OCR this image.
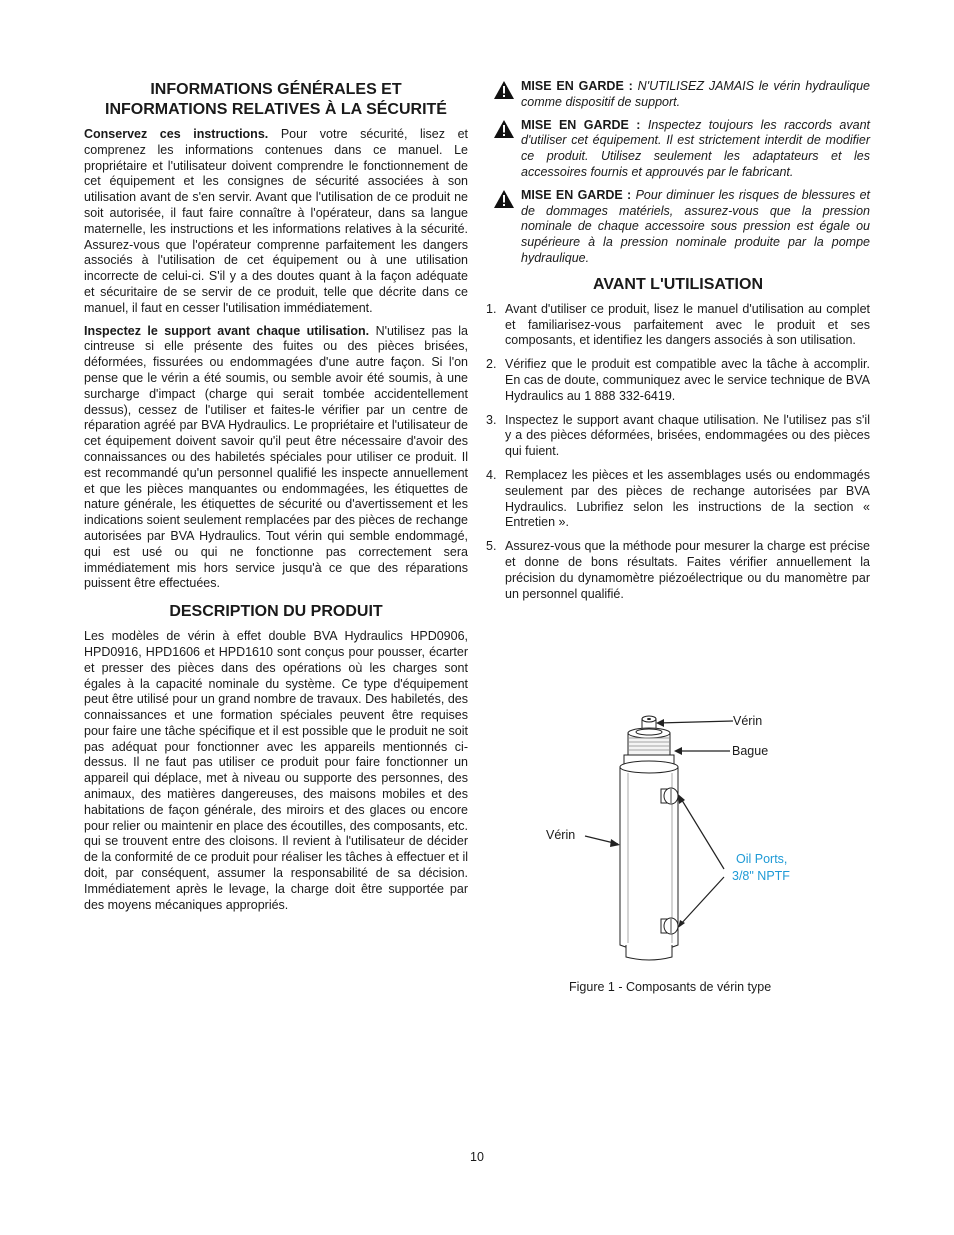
INFORMATIONS GÉNÉRALES ET
INFORMATIONS RELATIVES À LA SÉCURITÉ

Conservez ces instructions. Pour votre sécurité, lisez et comprenez les informations contenues dans ce manuel. Le propriétaire et l'utilisateur doivent comprendre le fonctionnement de cet équipement et les consignes de sécurité associées à son utilisation avant de s'en servir. Avant que l'utilisation de ce produit ne soit autorisée, il faut faire connaître à l'opérateur, dans sa langue maternelle, les instructions et les informations relatives à la sécurité. Assurez-vous que l'opérateur comprenne parfaitement les dangers associés à l'utilisation de cet équipement ou à une utilisation incorrecte de celui-ci. S'il y a des doutes quant à la façon adéquate et sécuritaire de se servir de ce produit, telle que décrite dans ce manuel, il faut en cesser l'utilisation immédiatement.

Inspectez le support avant chaque utilisation. N'utilisez pas la cintreuse si elle présente des fuites ou des pièces brisées, déformées, fissurées ou endommagées d'une autre façon. Si l'on pense que le vérin a été soumis, ou semble avoir été soumis, à une surcharge d'impact (charge qui serait tombée accidentellement dessus), cessez de l'utiliser et faites-le vérifier par un centre de réparation agréé par BVA Hydraulics. Le propriétaire et l'utilisateur de cet équipement doivent savoir qu'il peut être nécessaire d'avoir des connaissances ou des habiletés spéciales pour utiliser ce produit. Il est recommandé qu'un personnel qualifié les inspecte annuellement et que les pièces manquantes ou endommagées, les étiquettes de nature générale, les étiquettes de sécurité ou d'avertissement et les indications soient seulement remplacées par des pièces de rechange autorisées par BVA Hydraulics. Tout vérin qui semble endommagé, qui est usé ou qui ne fonctionne pas correctement sera immédiatement mis hors service jusqu'à ce que des réparations puissent être effectuées.

DESCRIPTION DU PRODUIT

Les modèles de vérin à effet double BVA Hydraulics HPD0906, HPD0916, HPD1606 et HPD1610 sont conçus pour pousser, écarter et presser des pièces dans des opérations où les charges sont égales à la capacité nominale du système. Ce type d'équipement peut être utilisé pour un grand nombre de travaux. Des habiletés, des connaissances et une formation spéciales peuvent être requises pour faire une tâche spécifique et il est possible que le produit ne soit pas adéquat pour fonctionner avec les appareils mentionnés ci-dessus. Il ne faut pas utiliser ce produit pour faire fonctionner un appareil qui déplace, met à niveau ou supporte des personnes, des animaux, des matières dangereuses, des maisons mobiles et des habitations de façon générale, des miroirs et des glaces ou encore pour relier ou maintenir en place des écoutilles, des composants, etc. qui se trouvent entre des cloisons. Il revient à l'utilisateur de décider de la conformité de ce produit pour réaliser les tâches à effectuer et il doit, par conséquent, assumer la responsabilité de sa décision. Immédiatement après le levage, la charge doit être supportée par des moyens mécaniques appropriés.

MISE EN GARDE : N'UTILISEZ JAMAIS le vérin hydraulique comme dispositif de support.

MISE EN GARDE : Inspectez toujours les raccords avant d'utiliser cet équipement. Il est strictement interdit de modifier ce produit. Utilisez seulement les adaptateurs et les accessoires fournis et approuvés par le fabricant.

MISE EN GARDE : Pour diminuer les risques de blessures et de dommages matériels, assurez-vous que la pression nominale de chaque accessoire sous pression est égale ou supérieure à la pression nominale produite par la pompe hydraulique.

AVANT L'UTILISATION
1. Avant d'utiliser ce produit, lisez le manuel d'utilisation au complet et familiarisez-vous parfaitement avec le produit et ses composants, et identifiez les dangers associés à son utilisation.
2. Vérifiez que le produit est compatible avec la tâche à accomplir. En cas de doute, communiquez avec le service technique de BVA Hydraulics au 1 888 332-6419.
3. Inspectez le support avant chaque utilisation. Ne l'utilisez pas s'il y a des pièces déformées, brisées, endommagées ou des pièces qui fuient.
4. Remplacez les pièces et les assemblages usés ou endommagés seulement par des pièces de rechange autorisées par BVA Hydraulics. Lubrifiez selon les instructions de la section « Entretien ».
5. Assurez-vous que la méthode pour mesurer la charge est précise et donne de bons résultats. Faites vérifier annuellement la précision du dynamomètre piézoélectrique ou du manomètre par un personnel qualifié.
Vérin
Bague
Vérin
Oil Ports,
3/8" NPTF
Figure 1 - Composants de vérin type
10
